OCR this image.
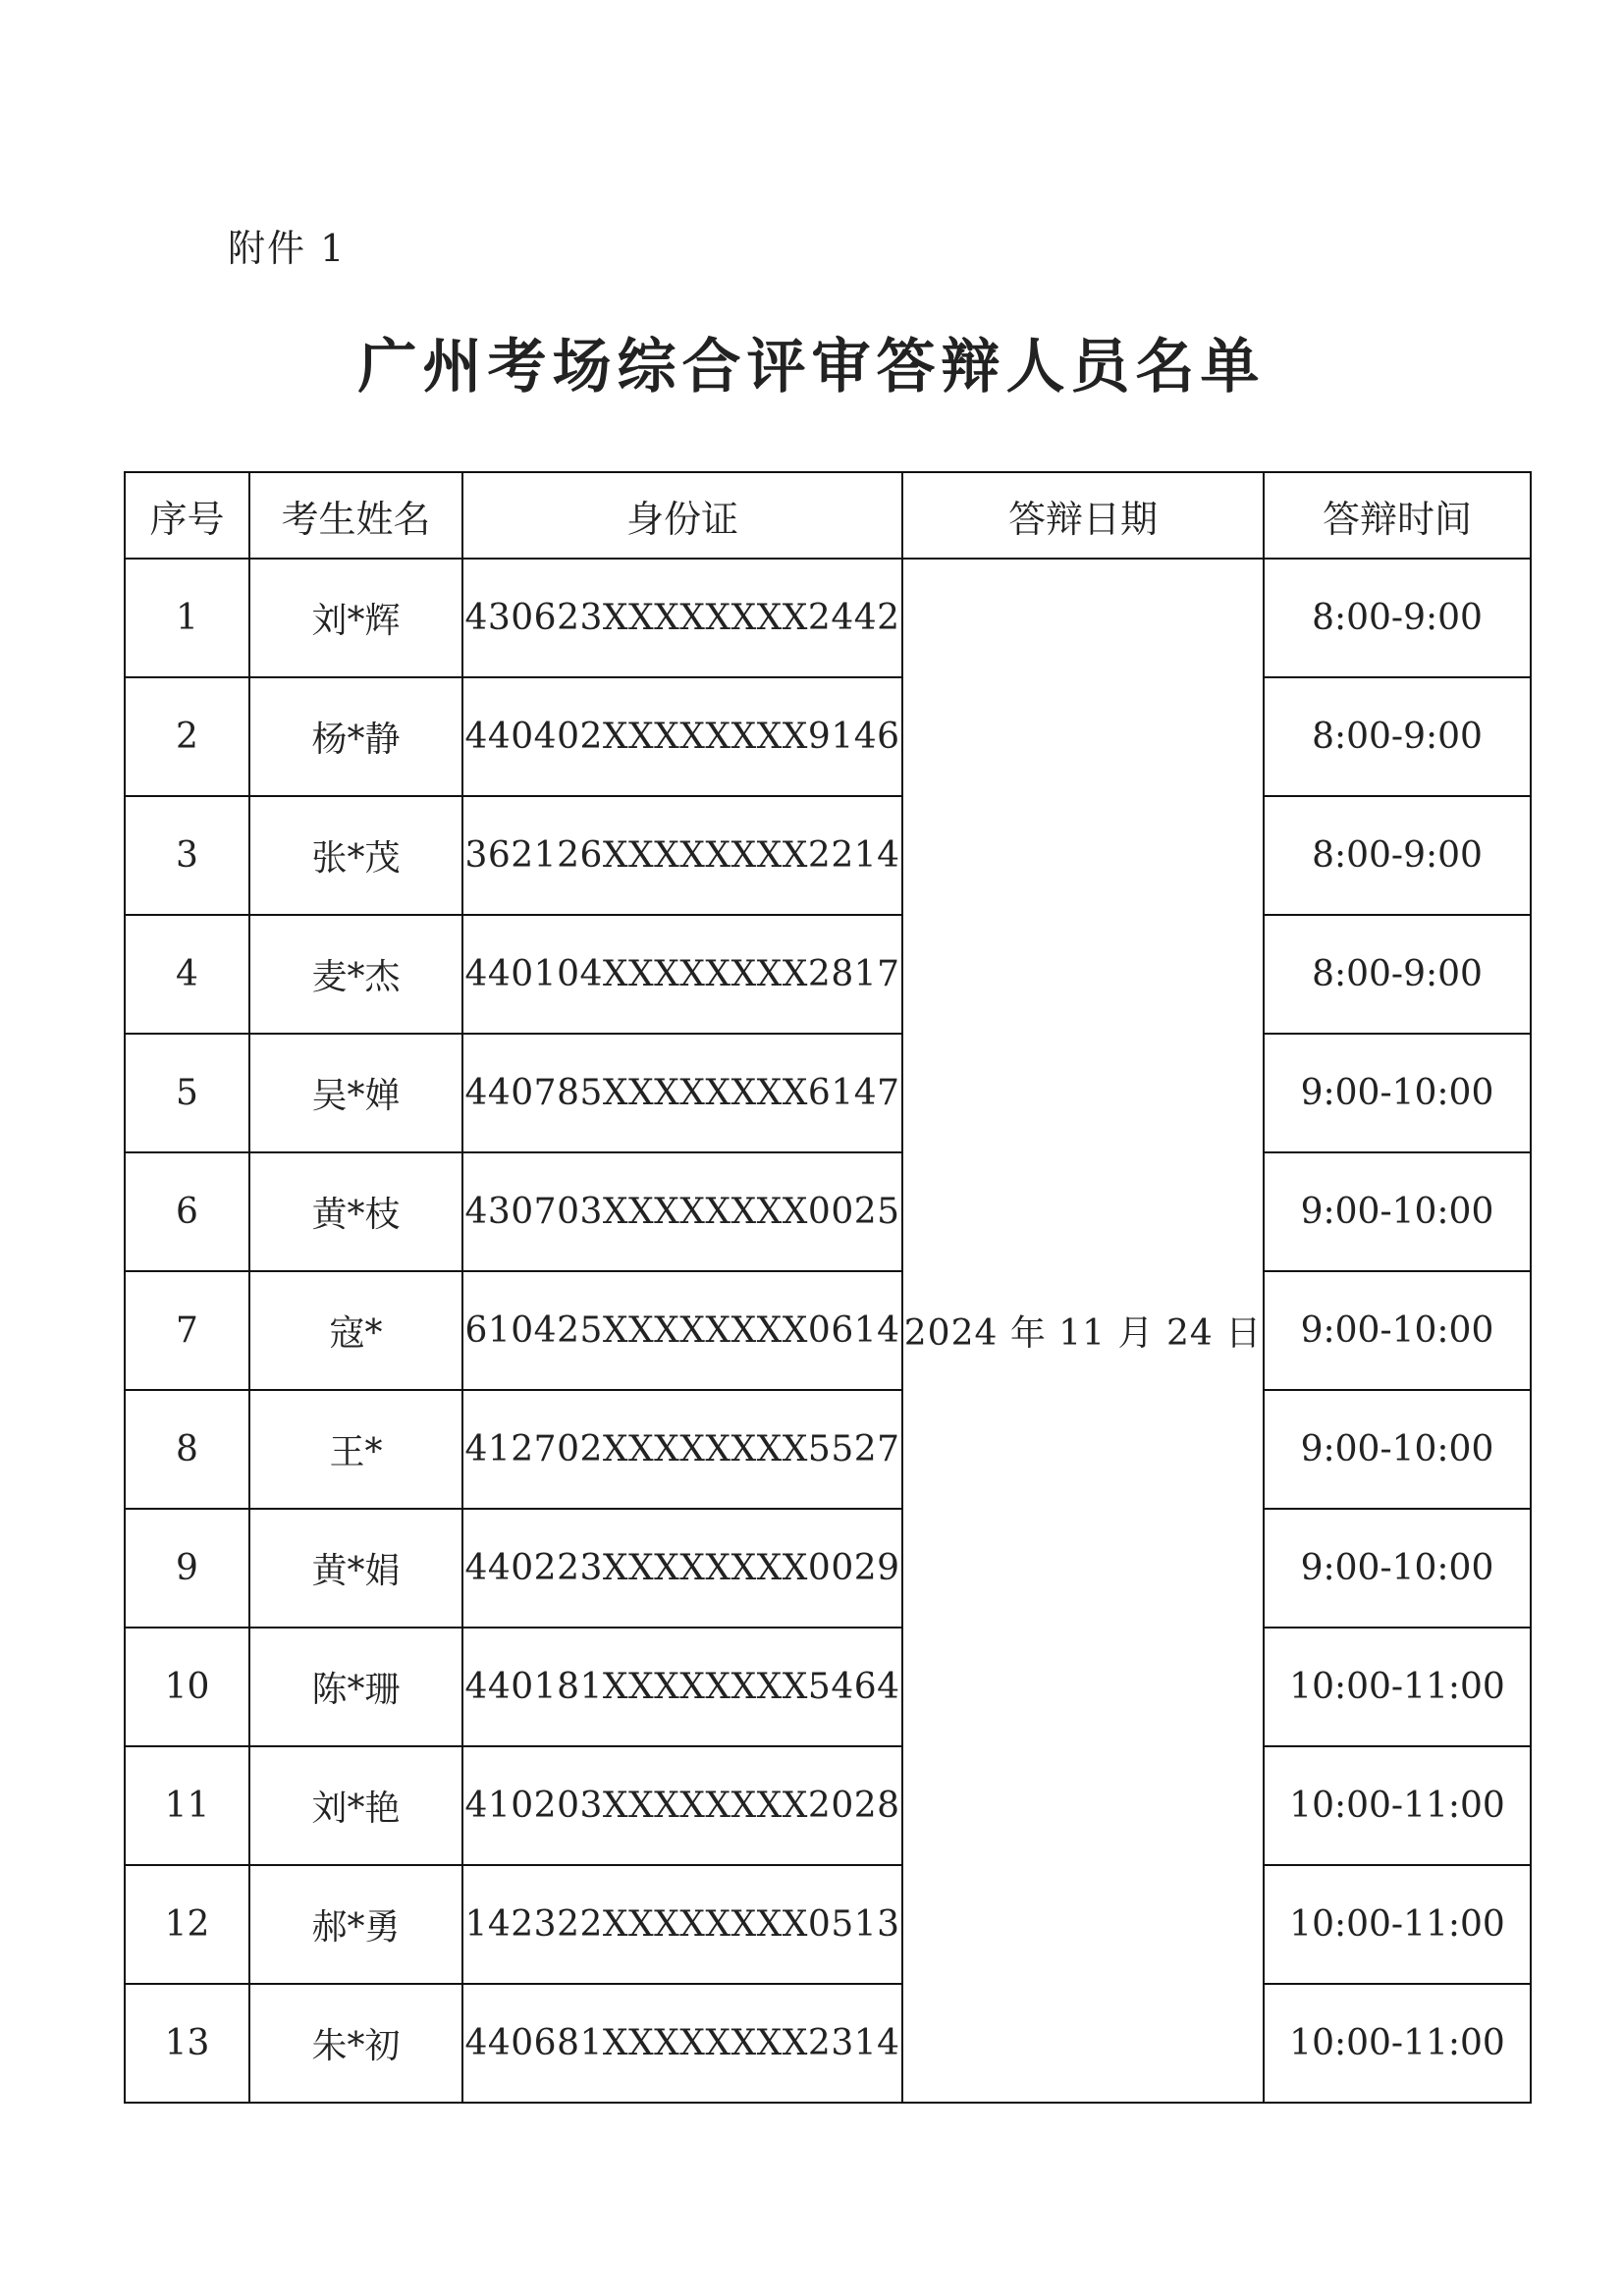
附件 1
广州考场综合评审答辩人员名单
序号	考生姓名	身份证	答辩日期	答辩时间
1	刘*辉	430623XXXXXXXX2442	2024 年 11 月 24 日	8:00-9:00
2	杨*静	440402XXXXXXXX9146		8:00-9:00
3	张*茂	362126XXXXXXXX2214		8:00-9:00
4	麦*杰	440104XXXXXXXX2817		8:00-9:00
5	吴*婵	440785XXXXXXXX6147		9:00-10:00
6	黄*枝	430703XXXXXXXX0025		9:00-10:00
7	寇*	610425XXXXXXXX0614		9:00-10:00
8	王*	412702XXXXXXXX5527		9:00-10:00
9	黄*娟	440223XXXXXXXX0029		9:00-10:00
10	陈*珊	440181XXXXXXXX5464		10:00-11:00
11	刘*艳	410203XXXXXXXX2028		10:00-11:00
12	郝*勇	142322XXXXXXXX0513		10:00-11:00
13	朱*初	440681XXXXXXXX2314		10:00-11:00
